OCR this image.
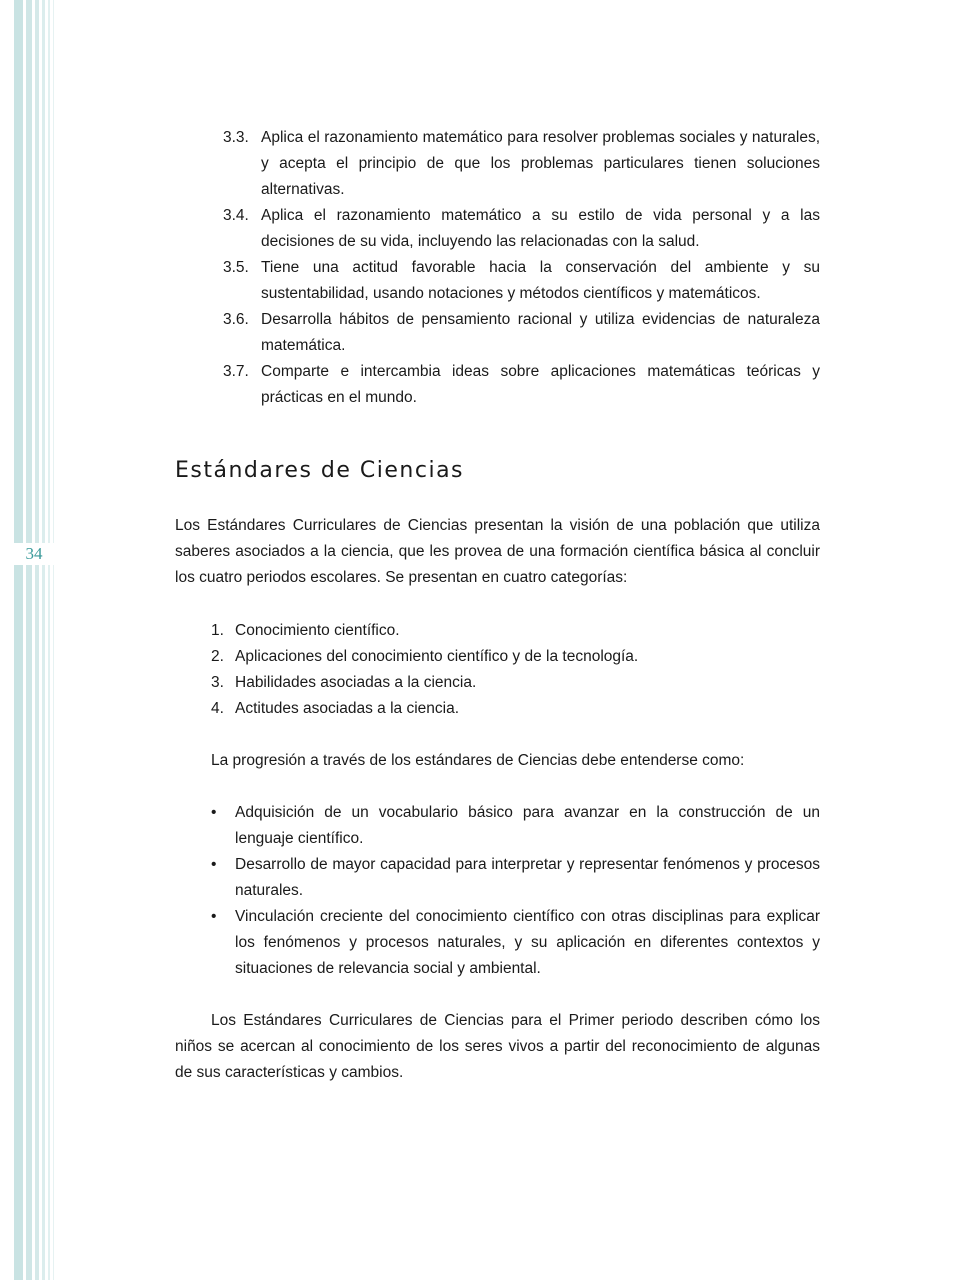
34
3.3. Aplica el razonamiento matemático para resolver problemas sociales y naturales, y acepta el principio de que los problemas particulares tienen soluciones alternativas.
3.4. Aplica el razonamiento matemático a su estilo de vida personal y a las decisiones de su vida, incluyendo las relacionadas con la salud.
3.5. Tiene una actitud favorable hacia la conservación del ambiente y su sustentabilidad, usando notaciones y métodos científicos y matemáticos.
3.6. Desarrolla hábitos de pensamiento racional y utiliza evidencias de naturaleza matemática.
3.7. Comparte e intercambia ideas sobre aplicaciones matemáticas teóricas y prácticas en el mundo.
Estándares de Ciencias

Los Estándares Curriculares de Ciencias presentan la visión de una población que utiliza saberes asociados a la ciencia, que les provea de una formación científica básica al concluir los cuatro periodos escolares. Se presentan en cuatro categorías:

1. Conocimiento científico.
2. Aplicaciones del conocimiento científico y de la tecnología.
3. Habilidades asociadas a la ciencia.
4. Actitudes asociadas a la ciencia.

La progresión a través de los estándares de Ciencias debe entenderse como:

• Adquisición de un vocabulario básico para avanzar en la construcción de un lenguaje científico.
• Desarrollo de mayor capacidad para interpretar y representar fenómenos y procesos naturales.
• Vinculación creciente del conocimiento científico con otras disciplinas para explicar los fenómenos y procesos naturales, y su aplicación en diferentes contextos y situaciones de relevancia social y ambiental.

Los Estándares Curriculares de Ciencias para el Primer periodo describen cómo los niños se acercan al conocimiento de los seres vivos a partir del reconocimiento de algunas de sus características y cambios.
